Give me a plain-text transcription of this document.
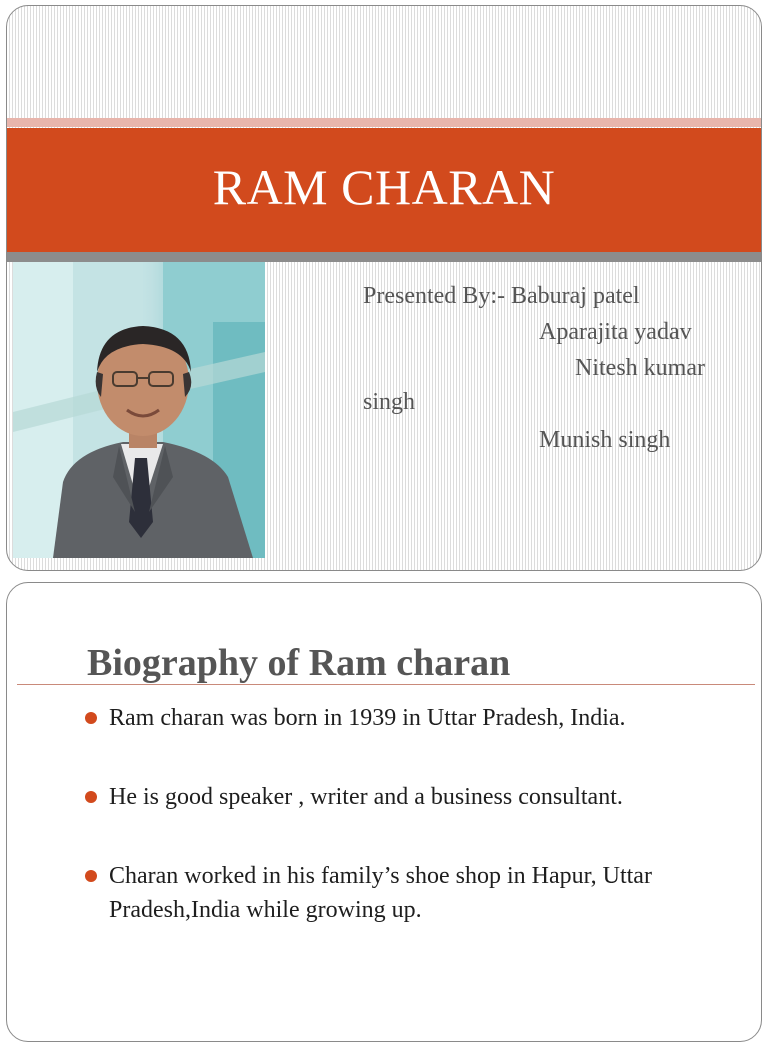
RAM CHARAN
Presented By:- Baburaj patel
Aparajita yadav
Nitesh kumar
singh
Munish singh
Biography of Ram charan
Ram charan was born in 1939 in Uttar Pradesh, India.
He is good speaker , writer and a business consultant.
Charan worked in his family’s shoe shop in Hapur, Uttar Pradesh,India while growing up.
